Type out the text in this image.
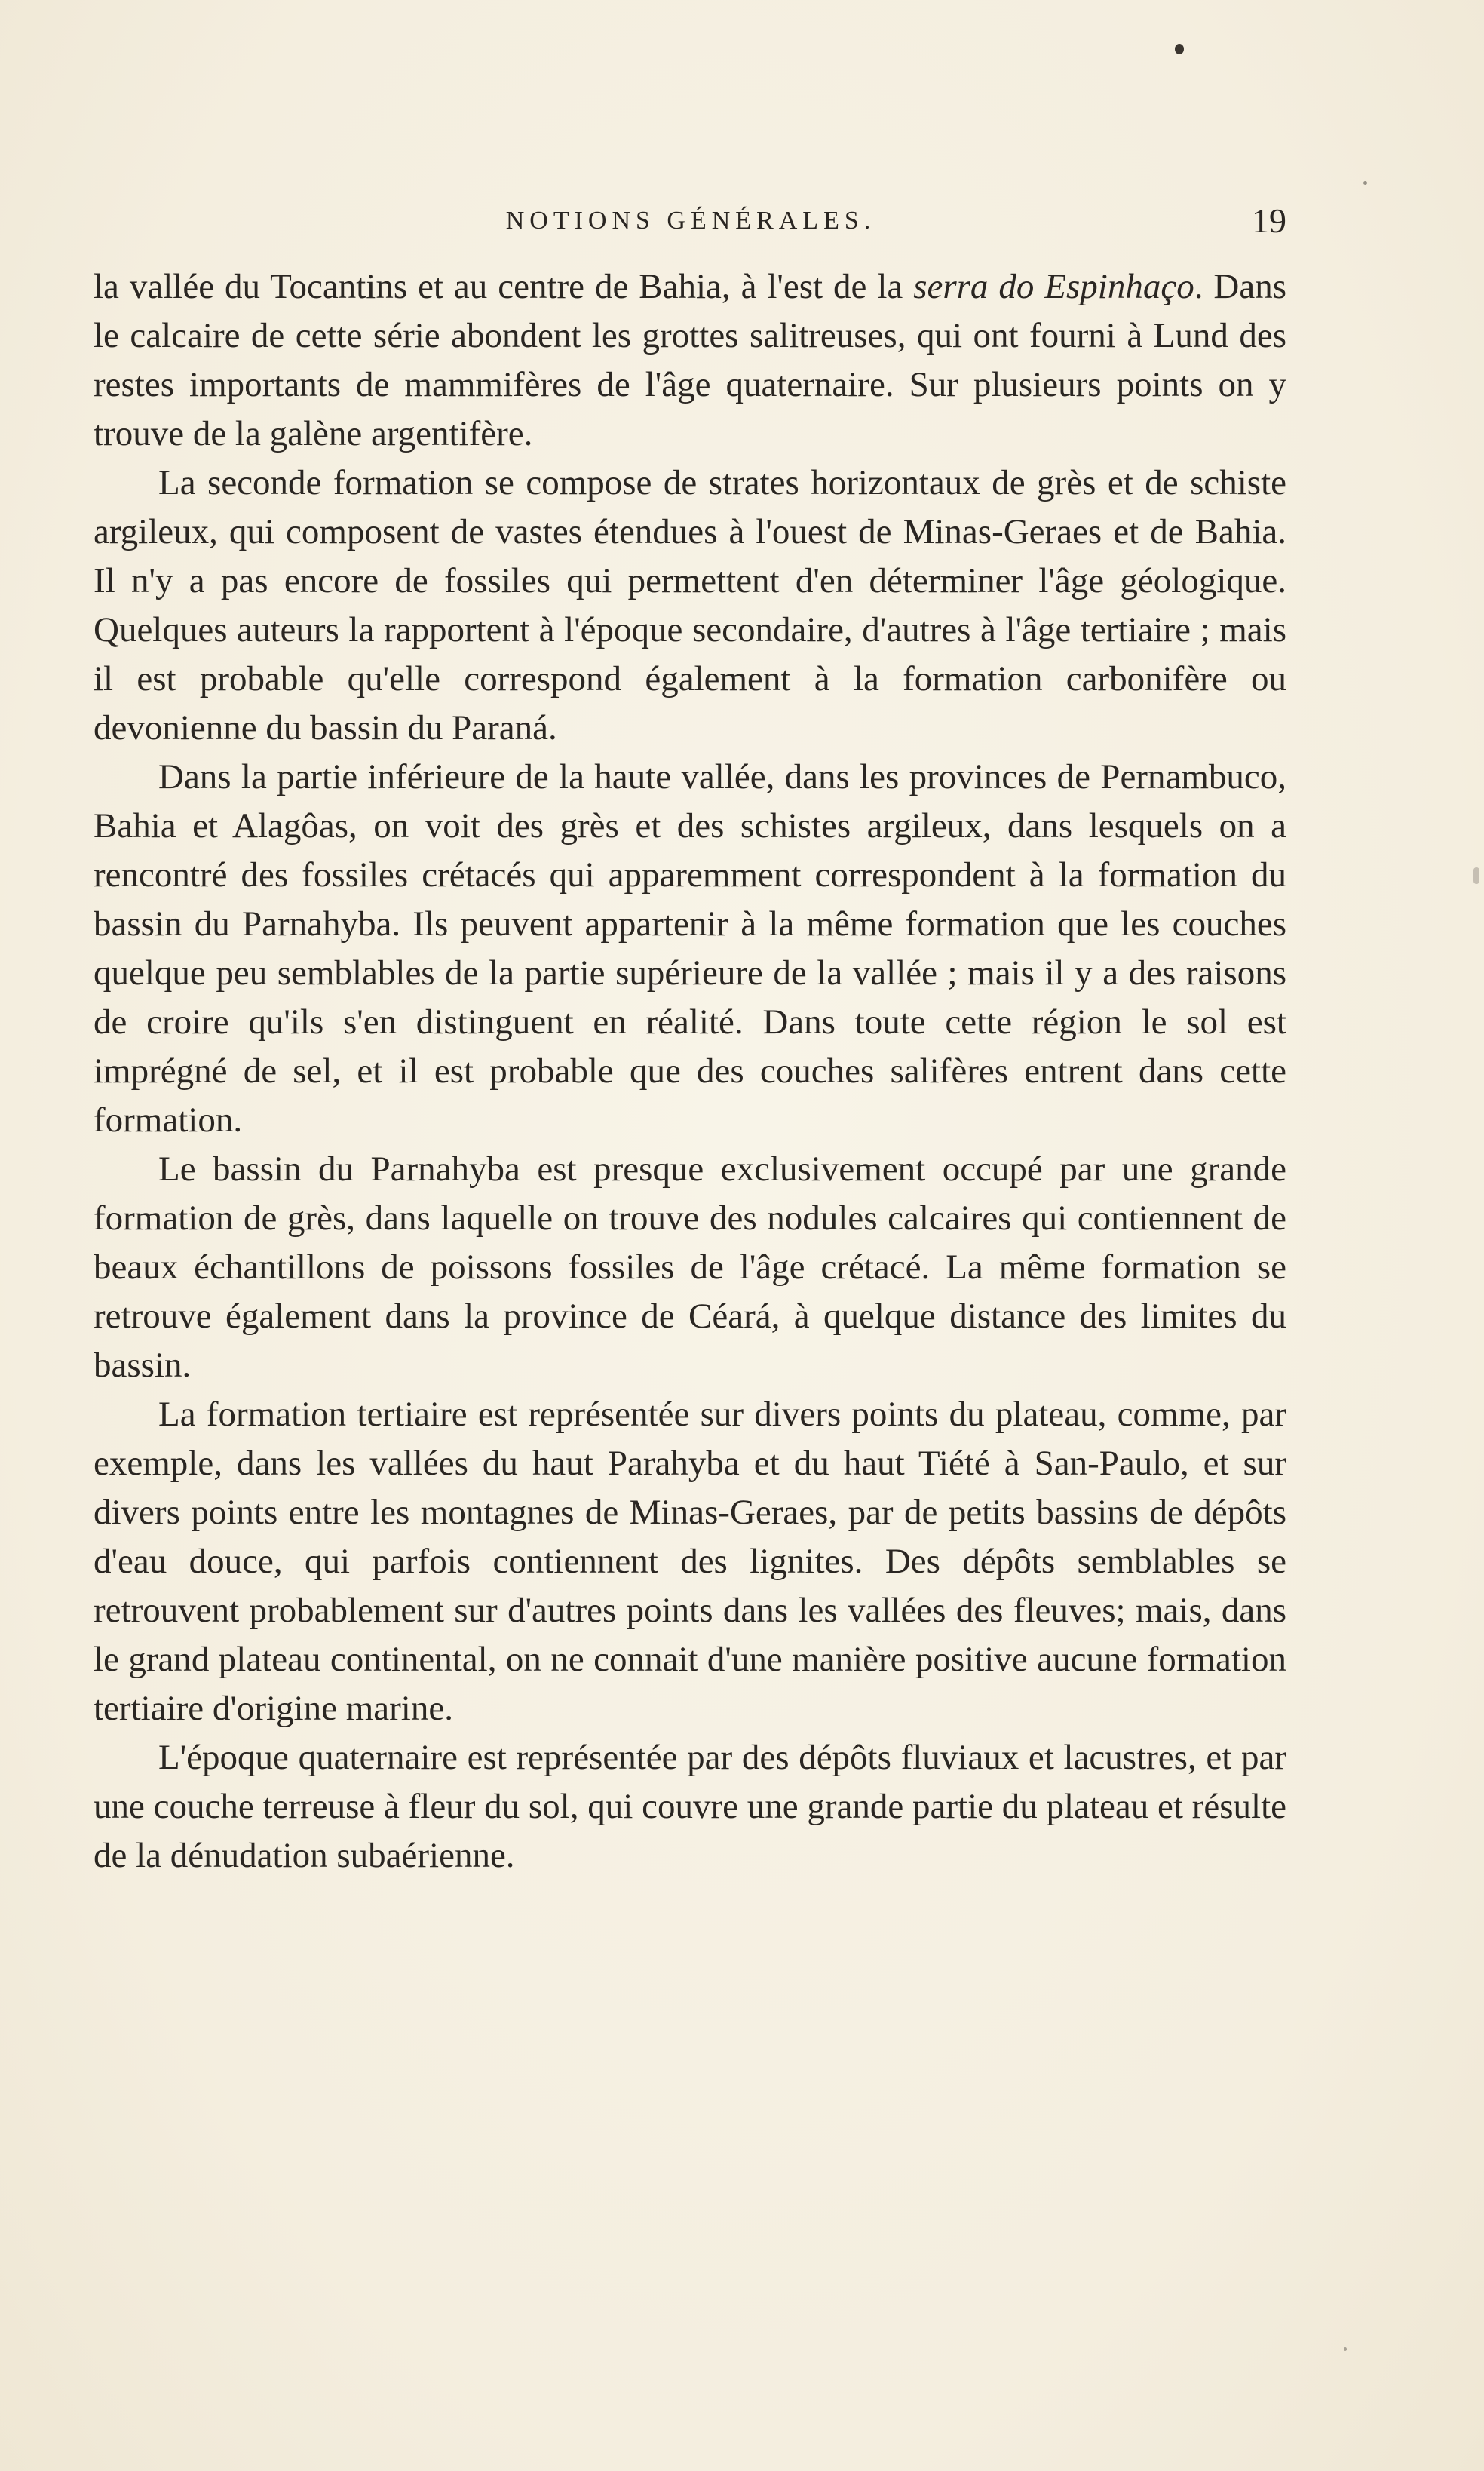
NOTIONS GÉNÉRALES.	19

la vallée du Tocantins et au centre de Bahia, à l'est de la serra do Espinhaço. Dans le calcaire de cette série abondent les grottes salitreuses, qui ont fourni à Lund des restes importants de mammifères de l'âge quaternaire. Sur plusieurs points on y trouve de la galène argentifère.

La seconde formation se compose de strates horizontaux de grès et de schiste argileux, qui composent de vastes étendues à l'ouest de Minas-Geraes et de Bahia. Il n'y a pas encore de fossiles qui permettent d'en déterminer l'âge géologique. Quelques auteurs la rapportent à l'époque secondaire, d'autres à l'âge tertiaire ; mais il est probable qu'elle correspond également à la formation carbonifère ou devonienne du bassin du Paraná.

Dans la partie inférieure de la haute vallée, dans les provinces de Pernambuco, Bahia et Alagôas, on voit des grès et des schistes argileux, dans lesquels on a rencontré des fossiles crétacés qui apparemment correspondent à la formation du bassin du Parnahyba. Ils peuvent appartenir à la même formation que les couches quelque peu semblables de la partie supérieure de la vallée ; mais il y a des raisons de croire qu'ils s'en distinguent en réalité. Dans toute cette région le sol est imprégné de sel, et il est probable que des couches salifères entrent dans cette formation.

Le bassin du Parnahyba est presque exclusivement occupé par une grande formation de grès, dans laquelle on trouve des nodules calcaires qui contiennent de beaux échantillons de poissons fossiles de l'âge crétacé. La même formation se retrouve également dans la province de Céará, à quelque distance des limites du bassin.

La formation tertiaire est représentée sur divers points du plateau, comme, par exemple, dans les vallées du haut Parahyba et du haut Tiété à San-Paulo, et sur divers points entre les montagnes de Minas-Geraes, par de petits bassins de dépôts d'eau douce, qui parfois contiennent des lignites. Des dépôts semblables se retrouvent probablement sur d'autres points dans les vallées des fleuves; mais, dans le grand plateau continental, on ne connait d'une manière positive aucune formation tertiaire d'origine marine.

L'époque quaternaire est représentée par des dépôts fluviaux et lacustres, et par une couche terreuse à fleur du sol, qui couvre une grande partie du plateau et résulte de la dénudation subaérienne.
